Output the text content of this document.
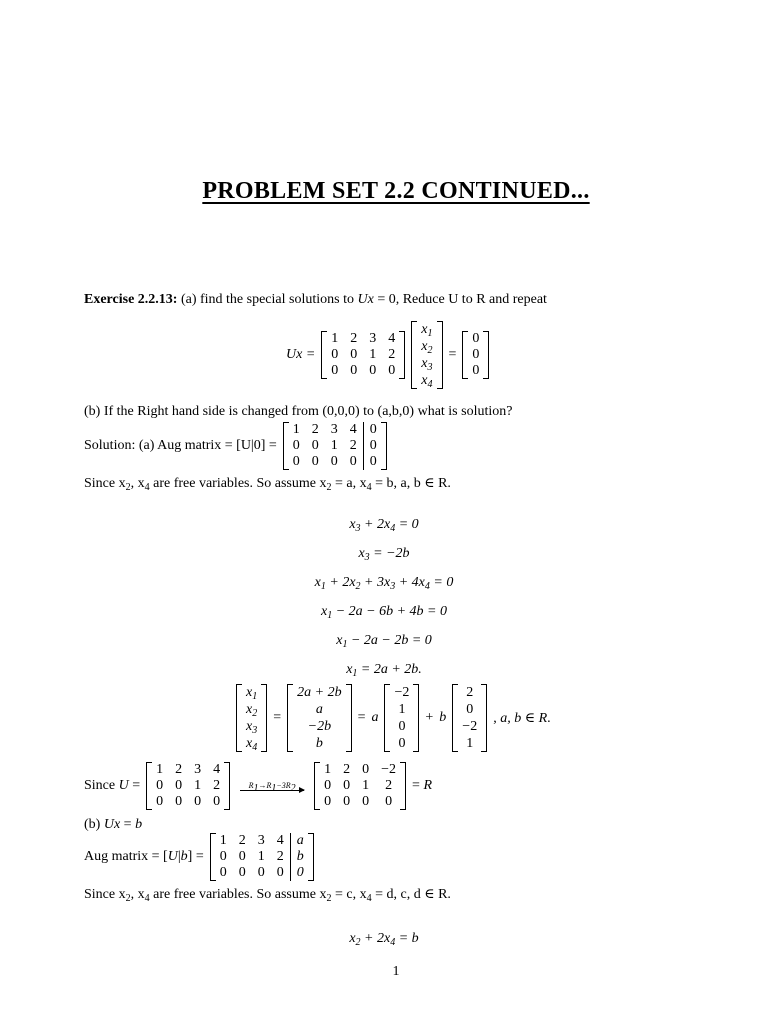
PROBLEM SET 2.2 CONTINUED...
Exercise 2.2.13: (a) find the special solutions to Ux = 0, Reduce U to R and repeat
Ux =
1 2 3 4
0 0 1 2
0 0 0 0
$x_1$
$x_2$
$x_3$
$x_4$
=
0
0
0
(b) If the Right hand side is changed from (0,0,0) to (a,b,0) what is solution?
Solution: (a) Aug matrix = [U|0] =
1 2 3 4
0 0 1 2
0 0 0 0
0
0
0
Since $x_2$, $x_4$ are free variables. So assume $x_2 = a$, $x_4 = b$, a, b ∈ R.
$x_3 + 2x_4 = 0$
$x_3 = -2b$
$x_1 + 2x_2 + 3x_3 + 4x_4 = 0$
$x_1 - 2a - 6b + 4b = 0$
$x_1 - 2a - 2b = 0$
$x_1 = 2a + 2b$.
$x_1$
$x_2$
$x_3$
$x_4$
=
2a + 2b
a
−2b
b
= a
−2
1
0
0
+ b
2
0
−2
1
, a, b ∈ R.
Since U =
1 2 3 4
0 0 1 2
0 0 0 0
$R_1\to R_1-3R_2$
1 2 0 −2
0 0 1 2
0 0 0 0
= R
(b) Ux = b
Aug matrix = [U|b] =
1 2 3 4
0 0 1 2
0 0 0 0
a
b
0
Since $x_2$, $x_4$ are free variables. So assume $x_2 = c$, $x_4 = d$, c, d ∈ R.
$x_2 + 2x_4 = b$
1
